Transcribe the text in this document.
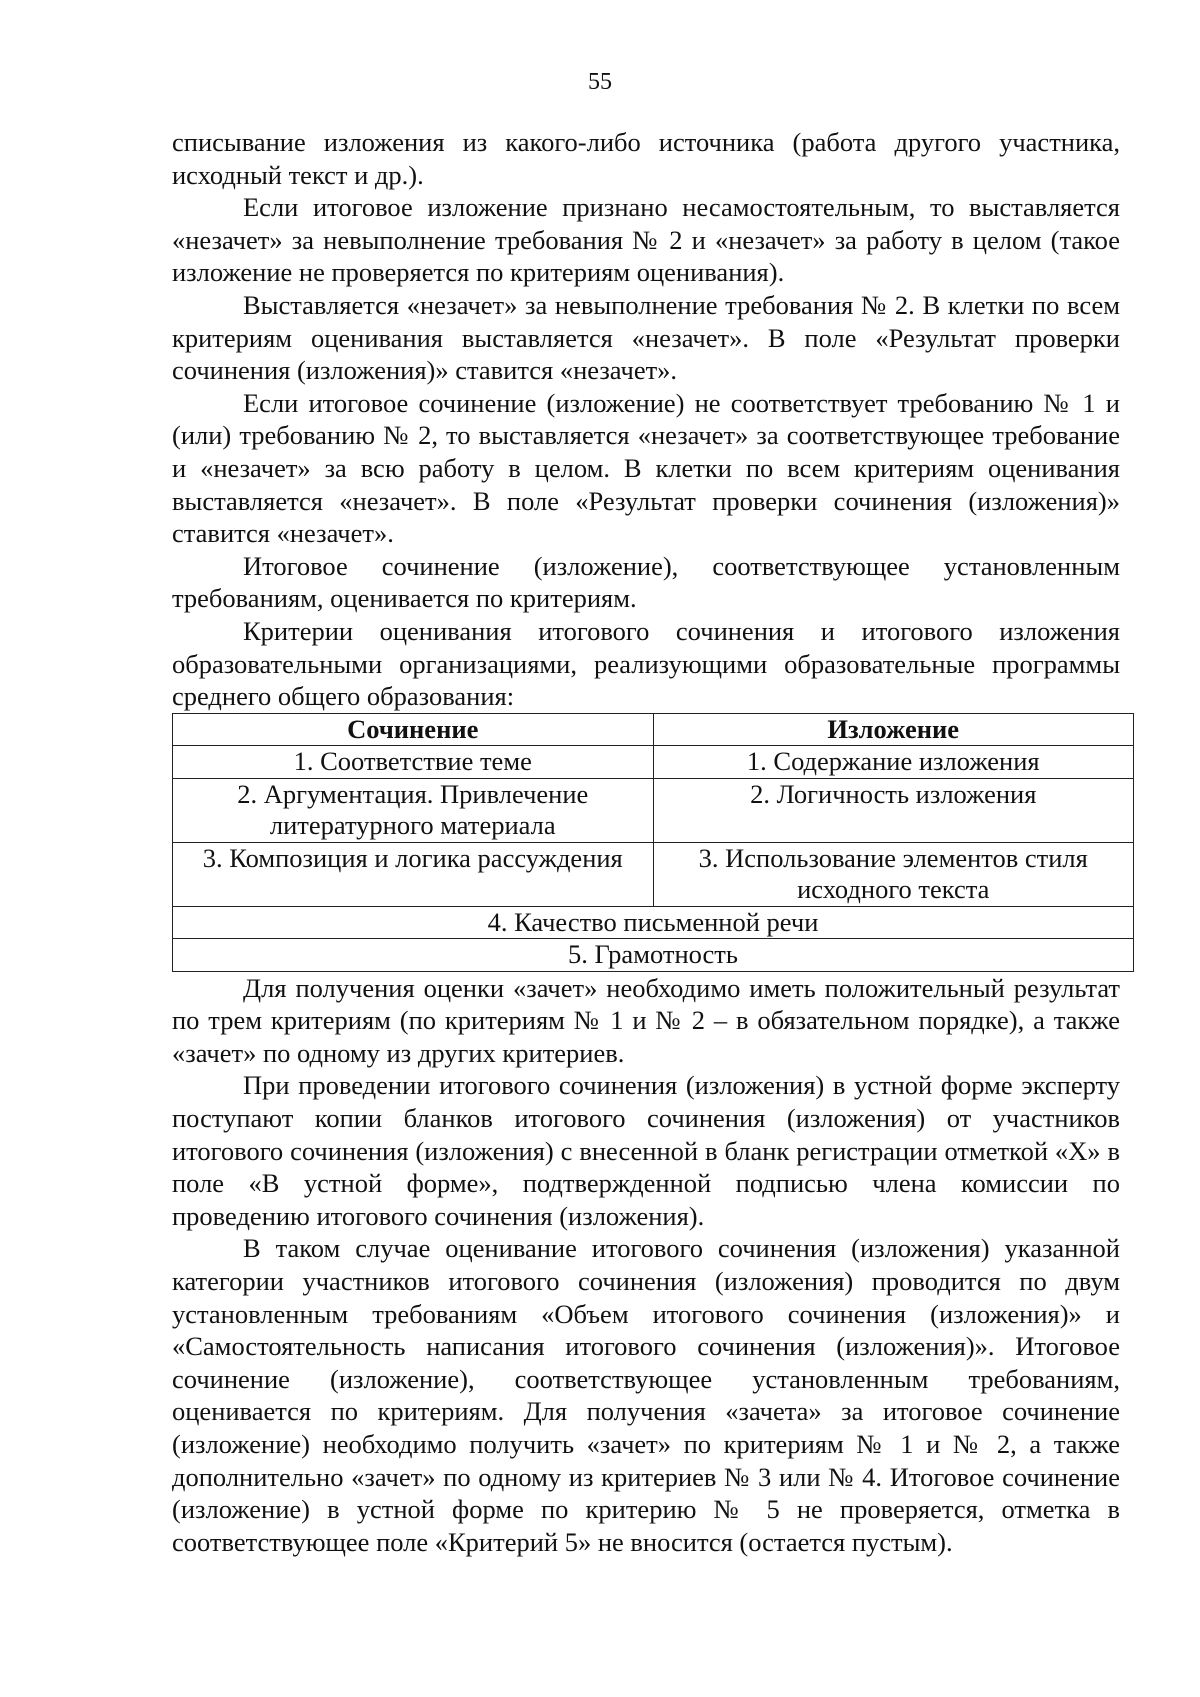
55

списывание изложения из какого-либо источника (работа другого участника, исходный текст и др.).

Если итоговое изложение признано несамостоятельным, то выставляется «незачет» за невыполнение требования № 2 и «незачет» за работу в целом (такое изложение не проверяется по критериям оценивания).

Выставляется «незачет» за невыполнение требования № 2. В клетки по всем критериям оценивания выставляется «незачет». В поле «Результат проверки сочинения (изложения)» ставится «незачет».

Если итоговое сочинение (изложение) не соответствует требованию № 1 и (или) требованию № 2, то выставляется «незачет» за соответствующее требование и «незачет» за всю работу в целом. В клетки по всем критериям оценивания выставляется «незачет». В поле «Результат проверки сочинения (изложения)» ставится «незачет».

Итоговое сочинение (изложение), соответствующее установленным требованиям, оценивается по критериям.

Критерии оценивания итогового сочинения и итогового изложения образовательными организациями, реализующими образовательные программы среднего общего образования:

Сочинение	Изложение
1. Соответствие теме	1. Содержание изложения
2. Аргументация. Привлечение литературного материала	2. Логичность изложения
3. Композиция и логика рассуждения	3. Использование элементов стиля исходного текста
4. Качество письменной речи	
5. Грамотность	

Для получения оценки «зачет» необходимо иметь положительный результат по трем критериям (по критериям № 1 и № 2 – в обязательном порядке), а также «зачет» по одному из других критериев.

При проведении итогового сочинения (изложения) в устной форме эксперту поступают копии бланков итогового сочинения (изложения) от участников итогового сочинения (изложения) с внесенной в бланк регистрации отметкой «Х» в поле «В устной форме», подтвержденной подписью члена комиссии по проведению итогового сочинения (изложения).

В таком случае оценивание итогового сочинения (изложения) указанной категории участников итогового сочинения (изложения) проводится по двум установленным требованиям «Объем итогового сочинения (изложения)» и «Самостоятельность написания итогового сочинения (изложения)». Итоговое сочинение (изложение), соответствующее установленным требованиям, оценивается по критериям. Для получения «зачета» за итоговое сочинение (изложение) необходимо получить «зачет» по критериям № 1 и № 2, а также дополнительно «зачет» по одному из критериев № 3 или № 4. Итоговое сочинение (изложение) в устной форме по критерию № 5 не проверяется, отметка в соответствующее поле «Критерий 5» не вносится (остается пустым).
